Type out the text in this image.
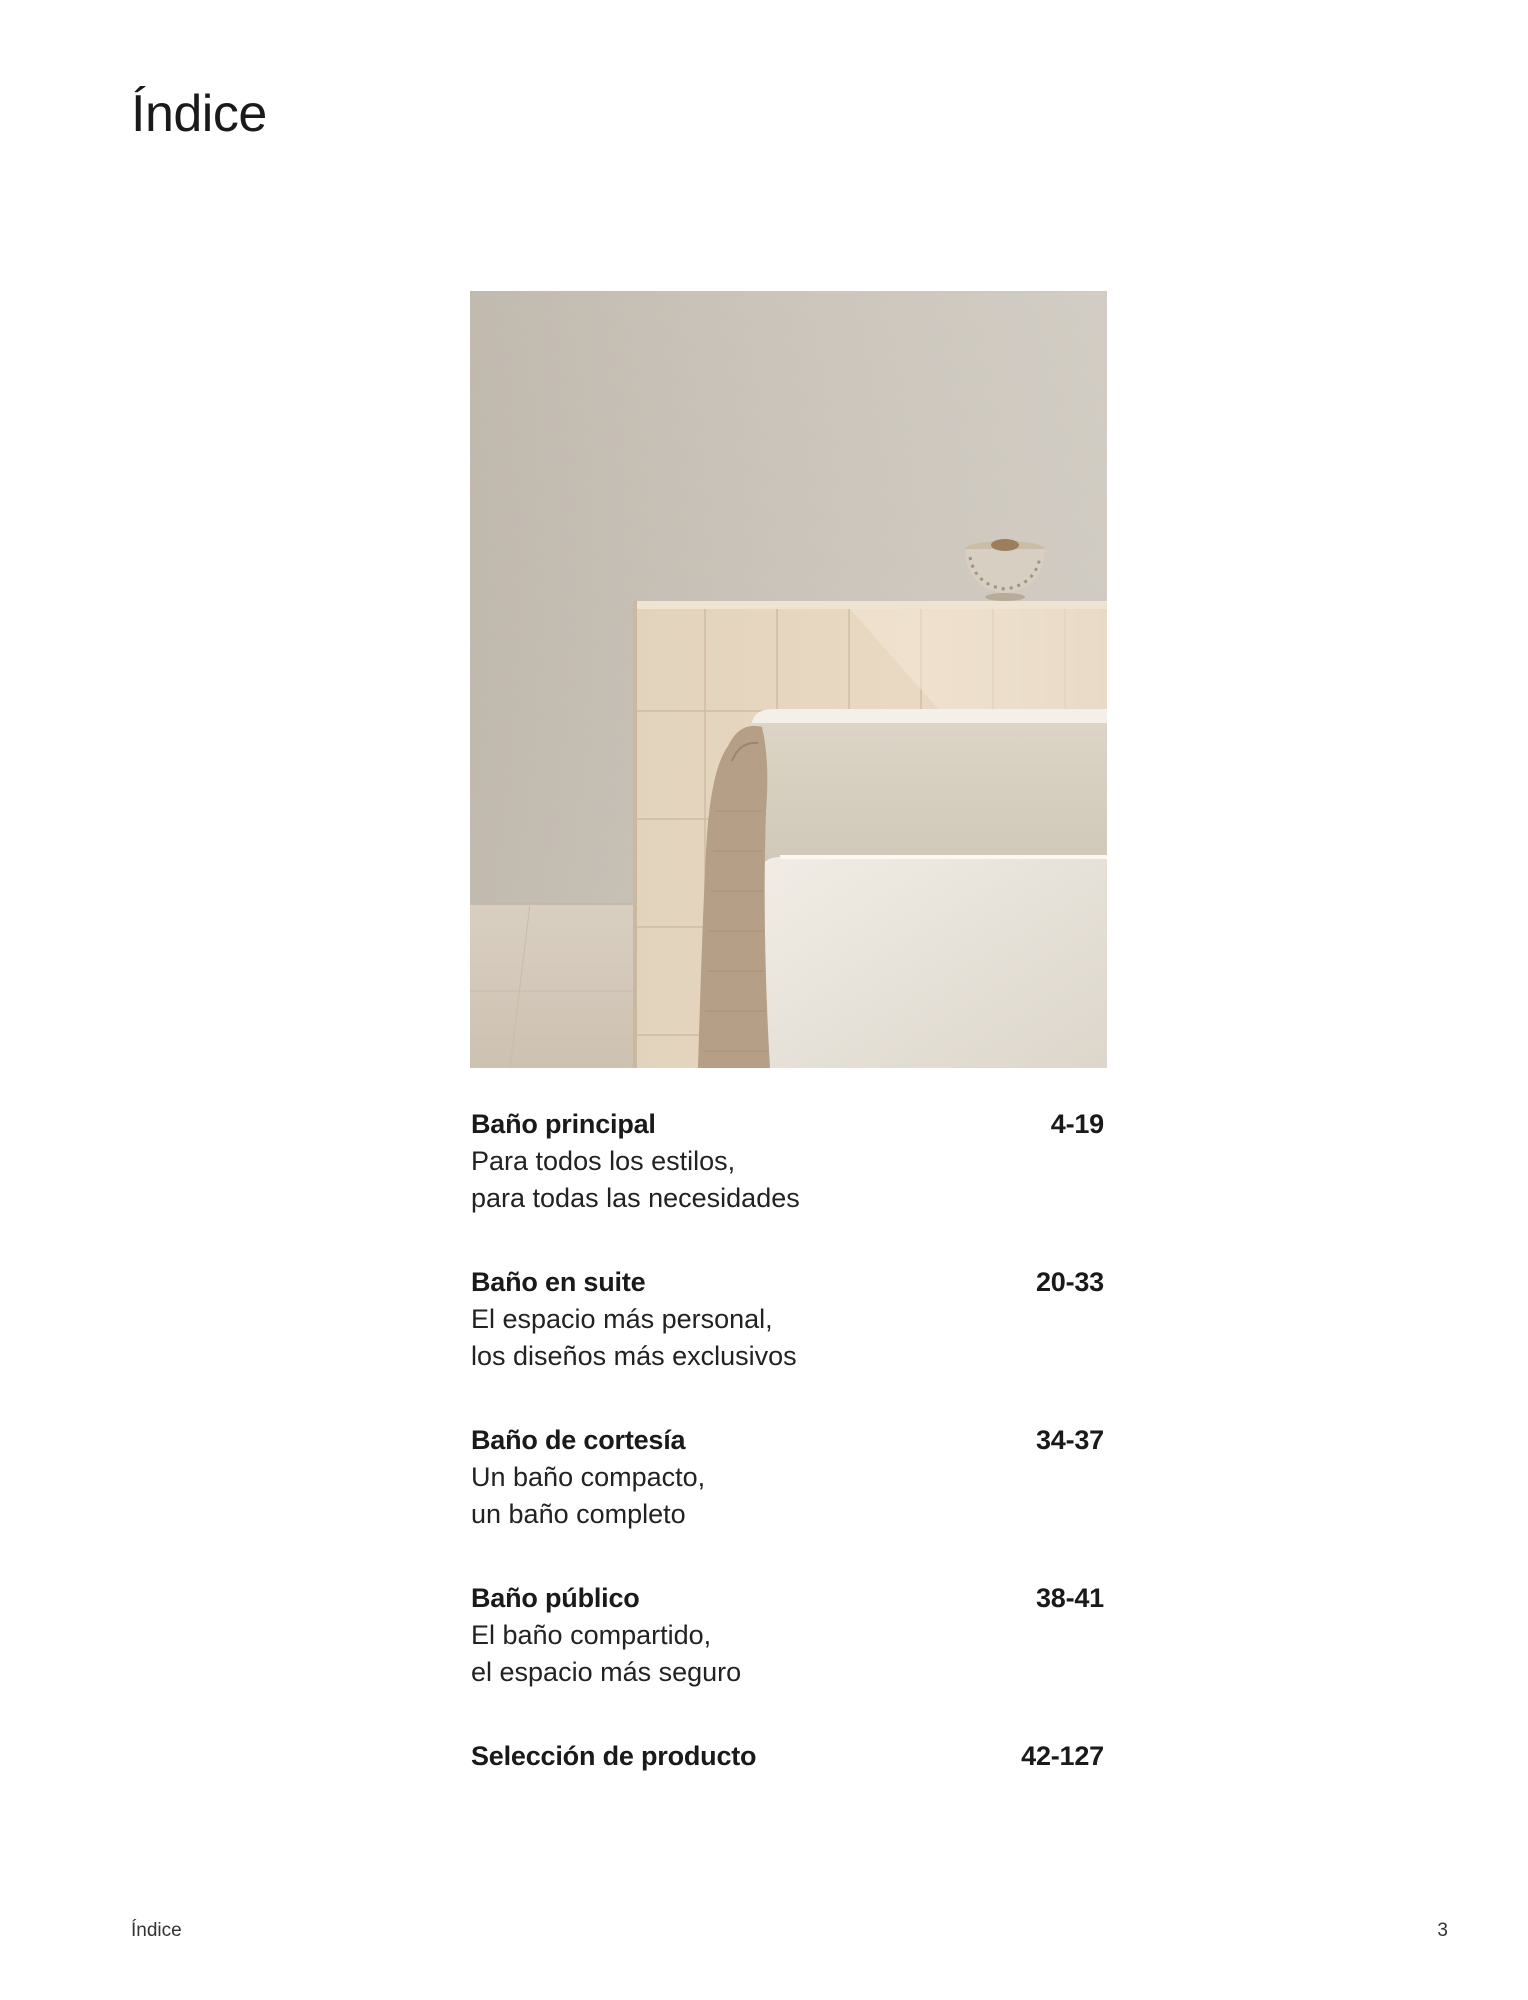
Índice
Baño principal	4-19
Para todos los estilos,
para todas las necesidades
Baño en suite	20-33
El espacio más personal,
los diseños más exclusivos
Baño de cortesía	34-37
Un baño compacto,
un baño completo
Baño público	38-41
El baño compartido,
el espacio más seguro
Selección de producto	42-127
Índice	3
